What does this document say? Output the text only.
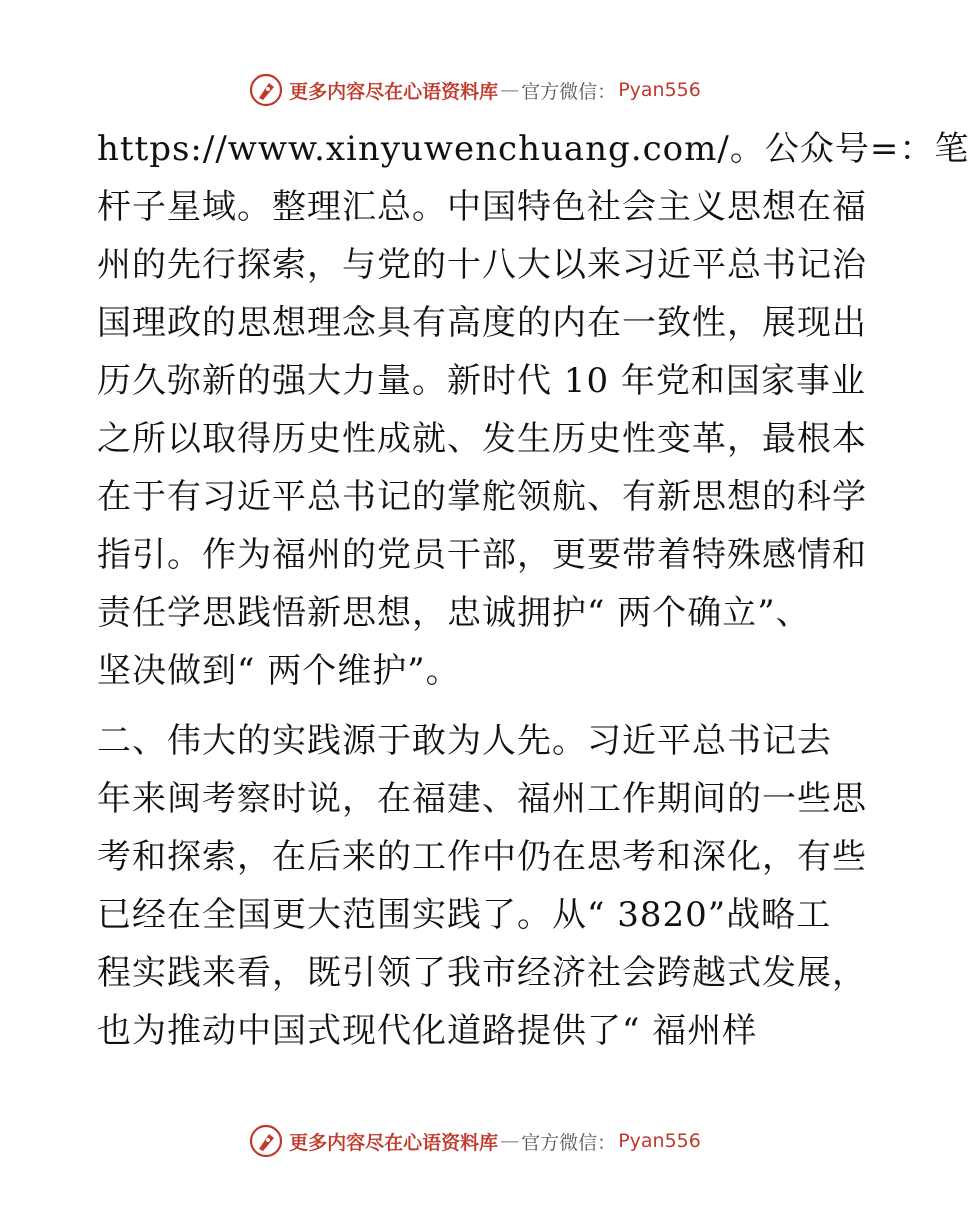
更多内容尽在心语资料库 — 官方微信： Pyan556
https://www.xinyuwenchuang.com/。公众号=：笔
杆子星域。整理汇总。中国特色社会主义思想在福
州的先行探索，与党的十八大以来习近平总书记治
国理政的思想理念具有高度的内在一致性，展现出
历久弥新的强大力量。新时代 10 年党和国家事业
之所以取得历史性成就、发生历史性变革，最根本
在于有习近平总书记的掌舵领航、有新思想的科学
指引。作为福州的党员干部，更要带着特殊感情和
责任学思践悟新思想，忠诚拥护“ 两个确立”、
坚决做到“ 两个维护”。
二、伟大的实践源于敢为人先。习近平总书记去
年来闽考察时说，在福建、福州工作期间的一些思
考和探索，在后来的工作中仍在思考和深化，有些
已经在全国更大范围实践了。从“ 3820”战略工
程实践来看，既引领了我市经济社会跨越式发展，
也为推动中国式现代化道路提供了“ 福州样
更多内容尽在心语资料库 — 官方微信： Pyan556
